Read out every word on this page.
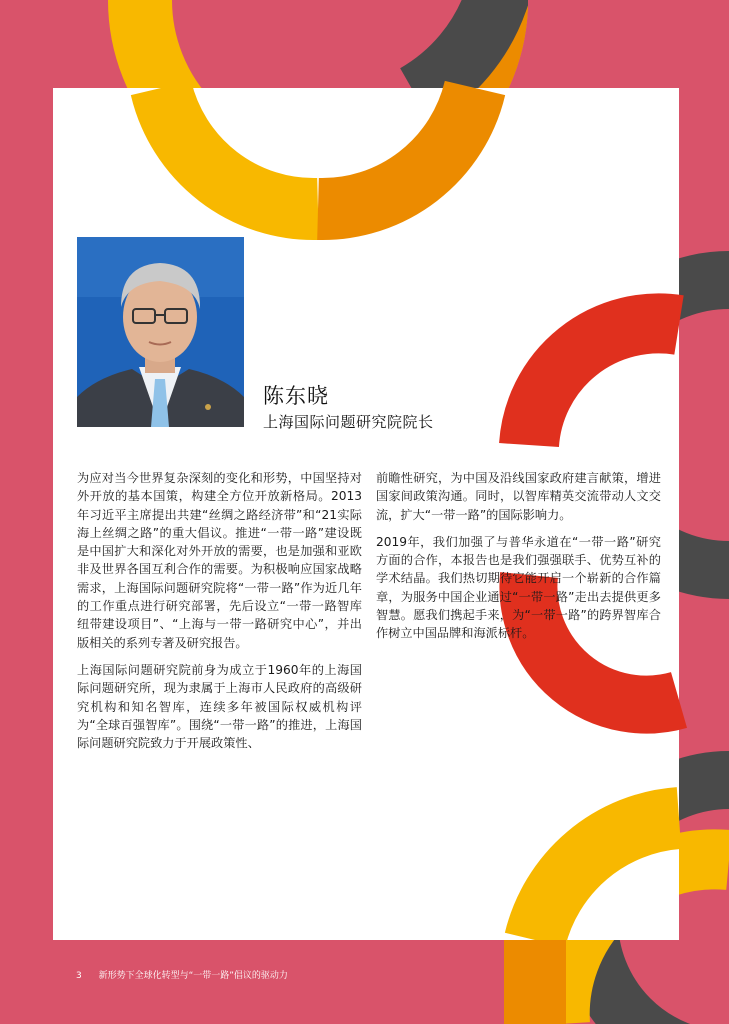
陈东晓

上海国际问题研究院院长

为应对当今世界复杂深刻的变化和形势，中国坚持对外开放的基本国策，构建全方位开放新格局。2013年习近平主席提出共建“丝绸之路经济带”和“21实际海上丝绸之路”的重大倡议。推进“一带一路”建设既是中国扩大和深化对外开放的需要，也是加强和亚欧非及世界各国互利合作的需要。为积极响应国家战略需求，上海国际问题研究院将“一带一路”作为近几年的工作重点进行研究部署，先后设立“一带一路智库纽带建设项目”、“上海与一带一路研究中心”，并出版相关的系列专著及研究报告。

上海国际问题研究院前身为成立于1960年的上海国际问题研究所，现为隶属于上海市人民政府的高级研究机构和知名智库，连续多年被国际权威机构评为“全球百强智库”。围绕“一带一路”的推进，上海国际问题研究院致力于开展政策性、

前瞻性研究，为中国及沿线国家政府建言献策，增进国家间政策沟通。同时，以智库精英交流带动人文交流，扩大“一带一路”的国际影响力。

2019年，我们加强了与普华永道在“一带一路”研究方面的合作，本报告也是我们强强联手、优势互补的学术结晶。我们热切期待它能开启一个崭新的合作篇章，为服务中国企业通过“一带一路”走出去提供更多智慧。愿我们携起手来，为“一带一路”的跨界智库合作树立中国品牌和海派标杆。

3 新形势下全球化转型与“一带一路”倡议的驱动力
